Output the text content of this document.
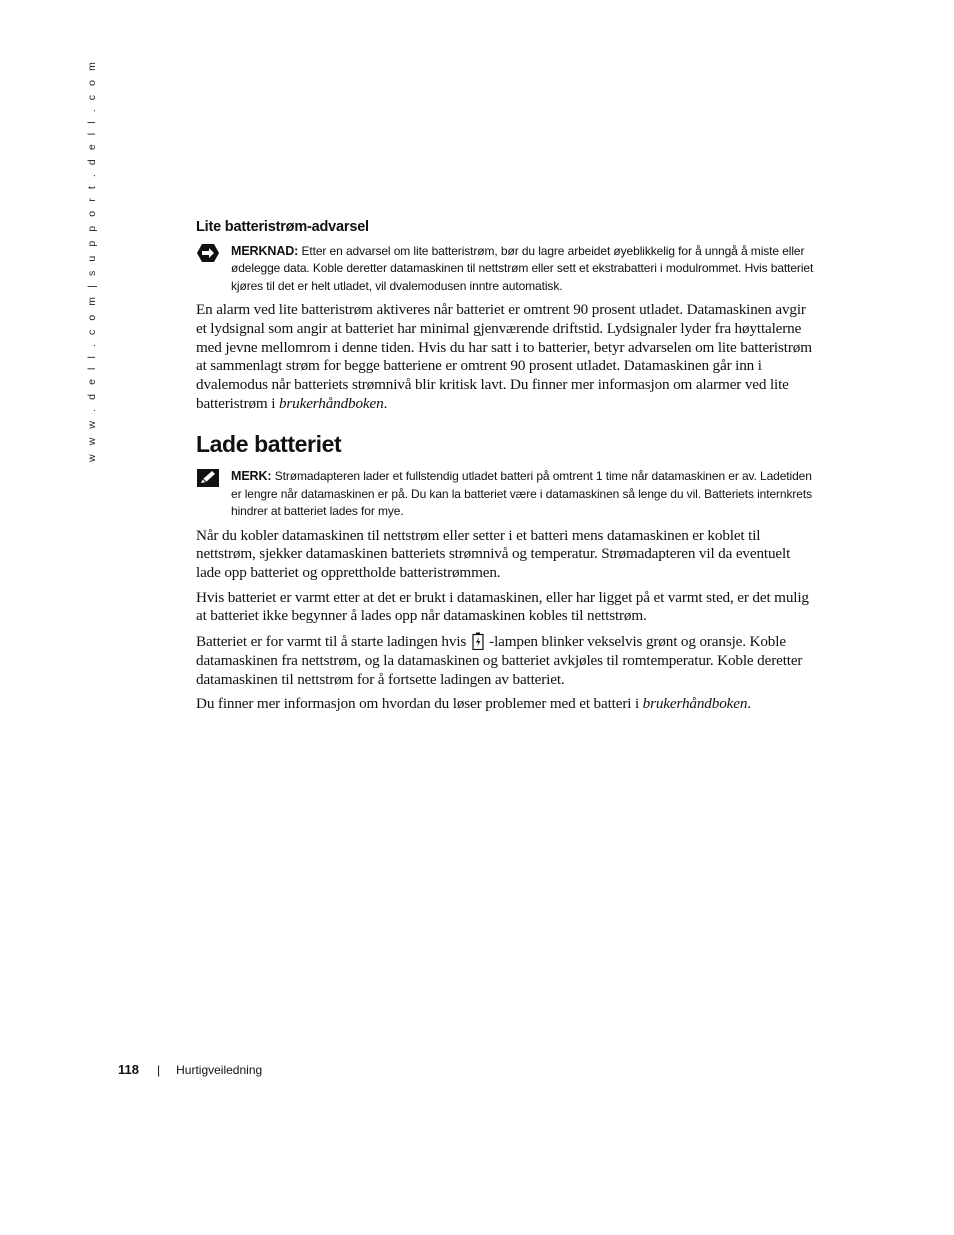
w w w . d e l l . c o m | s u p p o r t . d e l l . c o m	Lite batteristrøm-advarsel

MERKNAD: Etter en advarsel om lite batteristrøm, bør du lagre arbeidet øyeblikkelig for å unngå å miste eller ødelegge data. Koble deretter datamaskinen til nettstrøm eller sett et ekstrabatteri i modulrommet. Hvis batteriet kjøres til det er helt utladet, vil dvalemodusen inntre automatisk.

En alarm ved lite batteristrøm aktiveres når batteriet er omtrent 90 prosent utladet. Datamaskinen avgir et lydsignal som angir at batteriet har minimal gjenværende driftstid. Lydsignaler lyder fra høyttalerne med jevne mellomrom i denne tiden. Hvis du har satt i to batterier, betyr advarselen om lite batteristrøm at sammenlagt strøm for begge batteriene er omtrent 90 prosent utladet. Datamaskinen går inn i dvalemodus når batteriets strømnivå blir kritisk lavt. Du finner mer informasjon om alarmer ved lite batteristrøm i brukerhåndboken.

Lade batteriet

MERK: Strømadapteren lader et fullstendig utladet batteri på omtrent 1 time når datamaskinen er av. Ladetiden er lengre når datamaskinen er på. Du kan la batteriet være i datamaskinen så lenge du vil. Batteriets internkrets hindrer at batteriet lades for mye.

Når du kobler datamaskinen til nettstrøm eller setter i et batteri mens datamaskinen er koblet til nettstrøm, sjekker datamaskinen batteriets strømnivå og temperatur. Strømadapteren vil da eventuelt lade opp batteriet og opprettholde batteristrømmen.

Hvis batteriet er varmt etter at det er brukt i datamaskinen, eller har ligget på et varmt sted, er det mulig at batteriet ikke begynner å lades opp når datamaskinen kobles til nettstrøm.

Batteriet er for varmt til å starte ladingen hvis -lampen blinker vekselvis grønt og oransje. Koble datamaskinen fra nettstrøm, og la datamaskinen og batteriet avkjøles til romtemperatur. Koble deretter datamaskinen til nettstrøm for å fortsette ladingen av batteriet.

Du finner mer informasjon om hvordan du løser problemer med et batteri i brukerhåndboken.

118 | Hurtigveiledning
